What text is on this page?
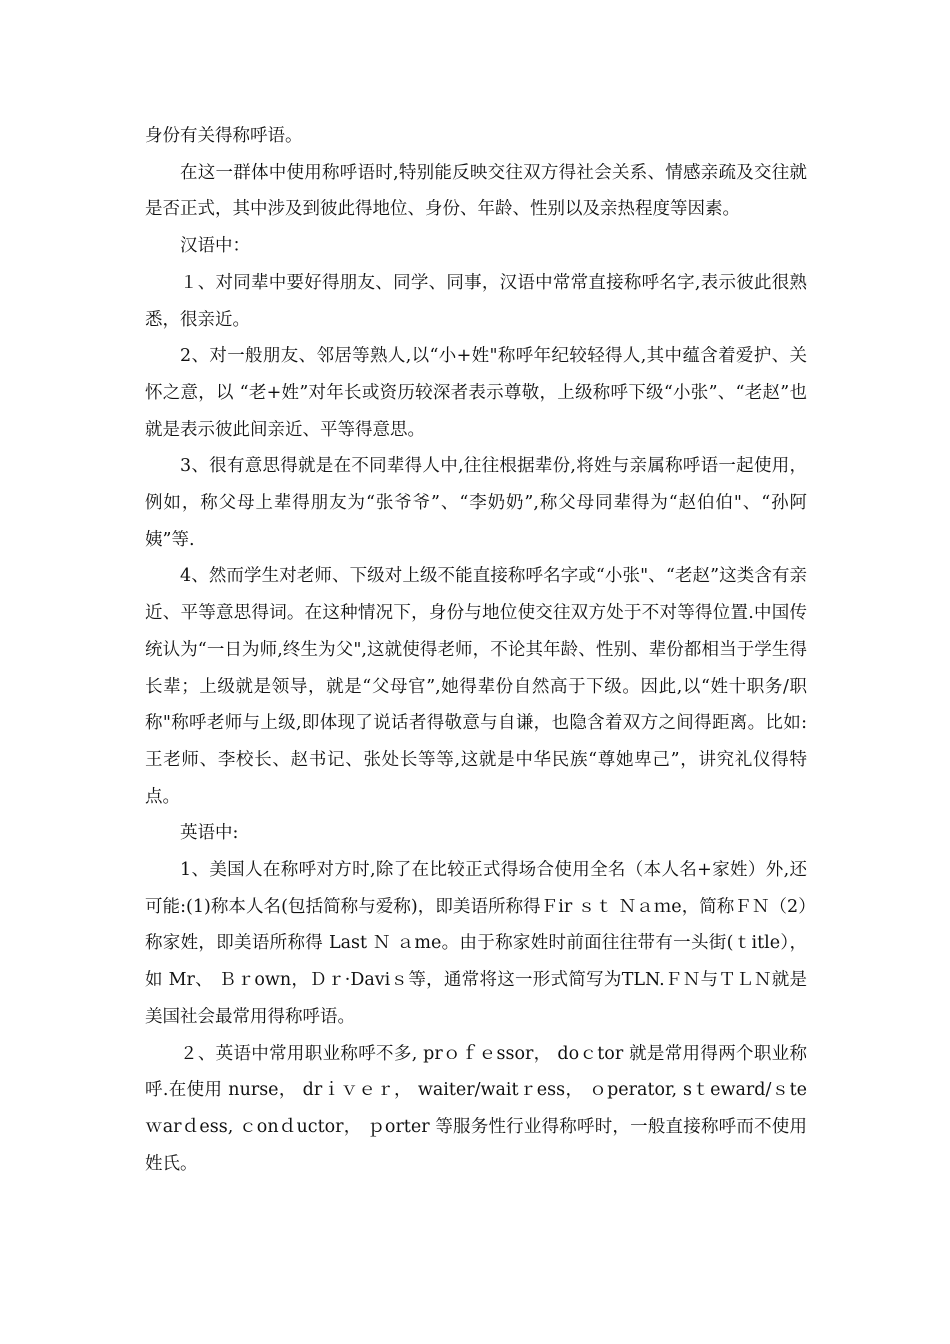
身份有关得称呼语。

在这一群体中使用称呼语时,特别能反映交往双方得社会关系、情感亲疏及交往就是否正式，其中涉及到彼此得地位、身份、年龄、性别以及亲热程度等因素。

汉语中：

１、对同辈中要好得朋友、同学、同事，汉语中常常直接称呼名字,表示彼此很熟悉，很亲近。

2、对一般朋友、邻居等熟人,以“小+姓"称呼年纪较轻得人,其中蕴含着爱护、关怀之意，以 “老+姓”对年长或资历较深者表示尊敬，上级称呼下级“小张”、“老赵”也就是表示彼此间亲近、平等得意思。

3、很有意思得就是在不同辈得人中,往往根据辈份,将姓与亲属称呼语一起使用，例如，称父母上辈得朋友为“张爷爷”、“李奶奶”,称父母同辈得为“赵伯伯"、“孙阿姨”等.

4、然而学生对老师、下级对上级不能直接称呼名字或“小张"、“老赵”这类含有亲近、平等意思得词。在这种情况下，身份与地位使交往双方处于不对等得位置.中国传统认为“一日为师,终生为父",这就使得老师，不论其年龄、性别、辈份都相当于学生得长辈；上级就是领导，就是“父母官”,她得辈份自然高于下级。因此,以“姓十职务/职称"称呼老师与上级,即体现了说话者得敬意与自谦，也隐含着双方之间得距离。比如:王老师、李校长、赵书记、张处长等等,这就是中华民族“尊她卑己”，讲究礼仪得特点。

英语中:

1、美国人在称呼对方时,除了在比较正式得场合使用全名（本人名+家姓）外,还可能:(1)称本人名(包括简称与爱称)，即美语所称得Ｆir ｓｔ Ｎａｍe，简称ＦＮ（2）称家姓，即美语所称得 Last Ｎ ａme。由于称家姓时前面往往带有一头街(ｔitle），如 Mr、 Ｂｒown，Ｄｒ·Daviｓ等，通常将这一形式简写为TLN.ＦＮ与ＴＬＮ就是美国社会最常用得称呼语。

２、英语中常用职业称呼不多, prｏｆｅssor， doｃtor 就是常用得两个职业称呼.在使用 nurse， drｉｖｅｒ， waiter/waitｒess， ｏperator, sｔeward/ｓteｗarｄess, ｃonｄuctor， ｐorter 等服务性行业得称呼时，一般直接称呼而不使用姓氏。
